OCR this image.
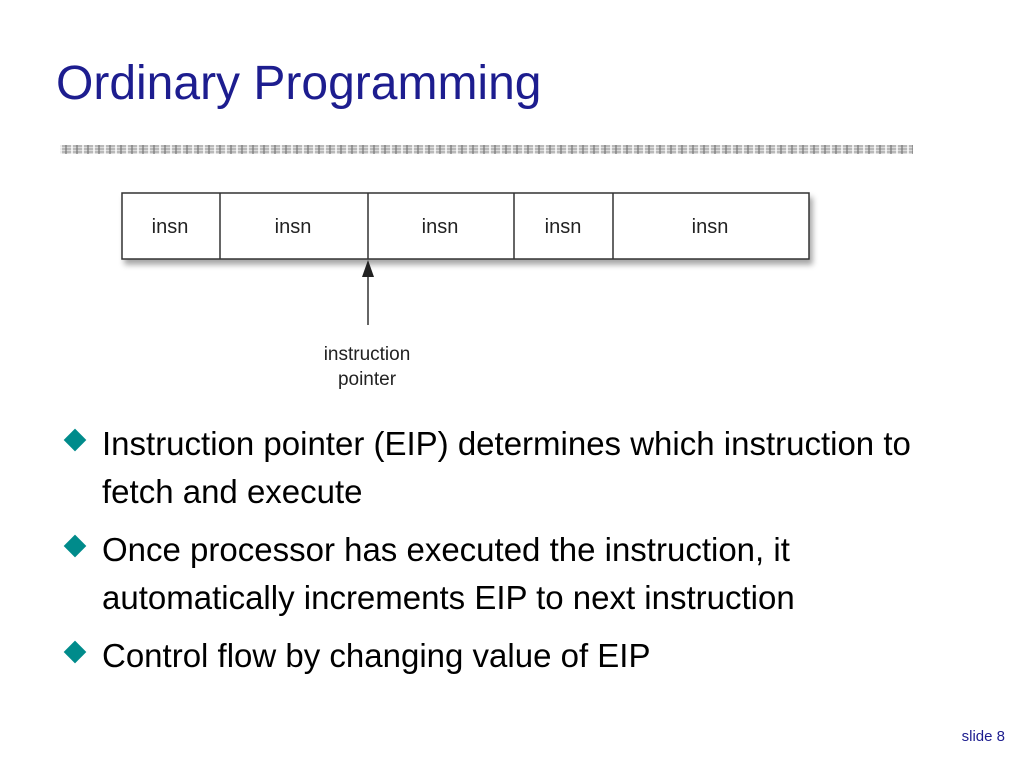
Ordinary Programming
insn	insn	insn	insn	insn
instruction
pointer
Instruction pointer (EIP) determines which instruction to fetch and execute
Once processor has executed the instruction, it automatically increments EIP to next instruction
Control flow by changing value of EIP
slide 8
